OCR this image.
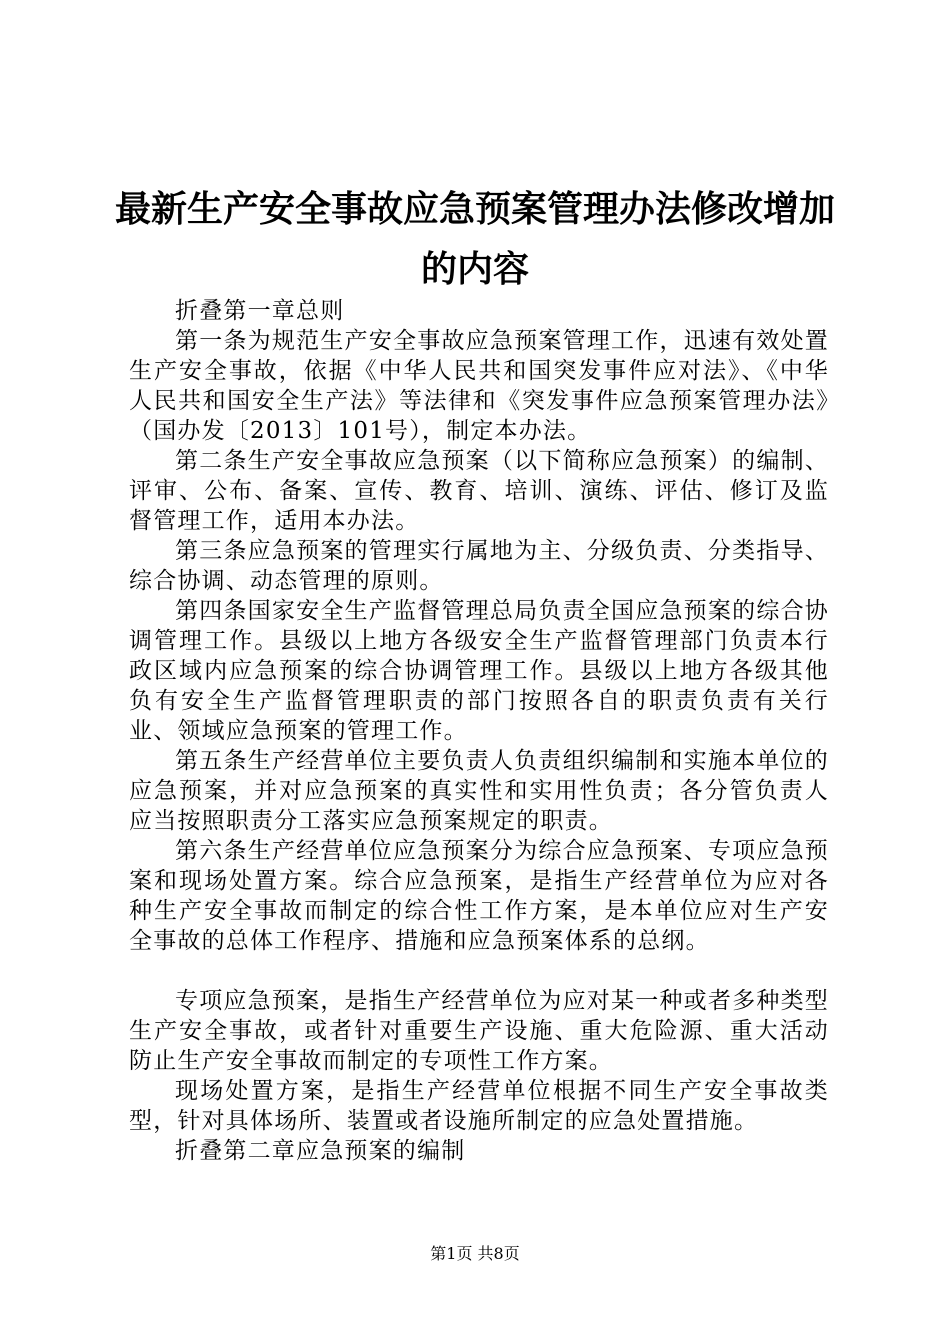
最新生产安全事故应急预案管理办法修改增加的内容

折叠第一章总则

第一条为规范生产安全事故应急预案管理工作，迅速有效处置生产安全事故，依据《中华人民共和国突发事件应对法》、《中华人民共和国安全生产法》等法律和《突发事件应急预案管理办法》（国办发〔2013〕101号），制定本办法。

第二条生产安全事故应急预案（以下简称应急预案）的编制、评审、公布、备案、宣传、教育、培训、演练、评估、修订及监督管理工作，适用本办法。

第三条应急预案的管理实行属地为主、分级负责、分类指导、综合协调、动态管理的原则。

第四条国家安全生产监督管理总局负责全国应急预案的综合协调管理工作。县级以上地方各级安全生产监督管理部门负责本行政区域内应急预案的综合协调管理工作。县级以上地方各级其他负有安全生产监督管理职责的部门按照各自的职责负责有关行业、领域应急预案的管理工作。

第五条生产经营单位主要负责人负责组织编制和实施本单位的应急预案，并对应急预案的真实性和实用性负责；各分管负责人应当按照职责分工落实应急预案规定的职责。

第六条生产经营单位应急预案分为综合应急预案、专项应急预案和现场处置方案。综合应急预案，是指生产经营单位为应对各种生产安全事故而制定的综合性工作方案，是本单位应对生产安全事故的总体工作程序、措施和应急预案体系的总纲。

专项应急预案，是指生产经营单位为应对某一种或者多种类型生产安全事故，或者针对重要生产设施、重大危险源、重大活动防止生产安全事故而制定的专项性工作方案。

现场处置方案，是指生产经营单位根据不同生产安全事故类型，针对具体场所、装置或者设施所制定的应急处置措施。

折叠第二章应急预案的编制

第1页 共8页
